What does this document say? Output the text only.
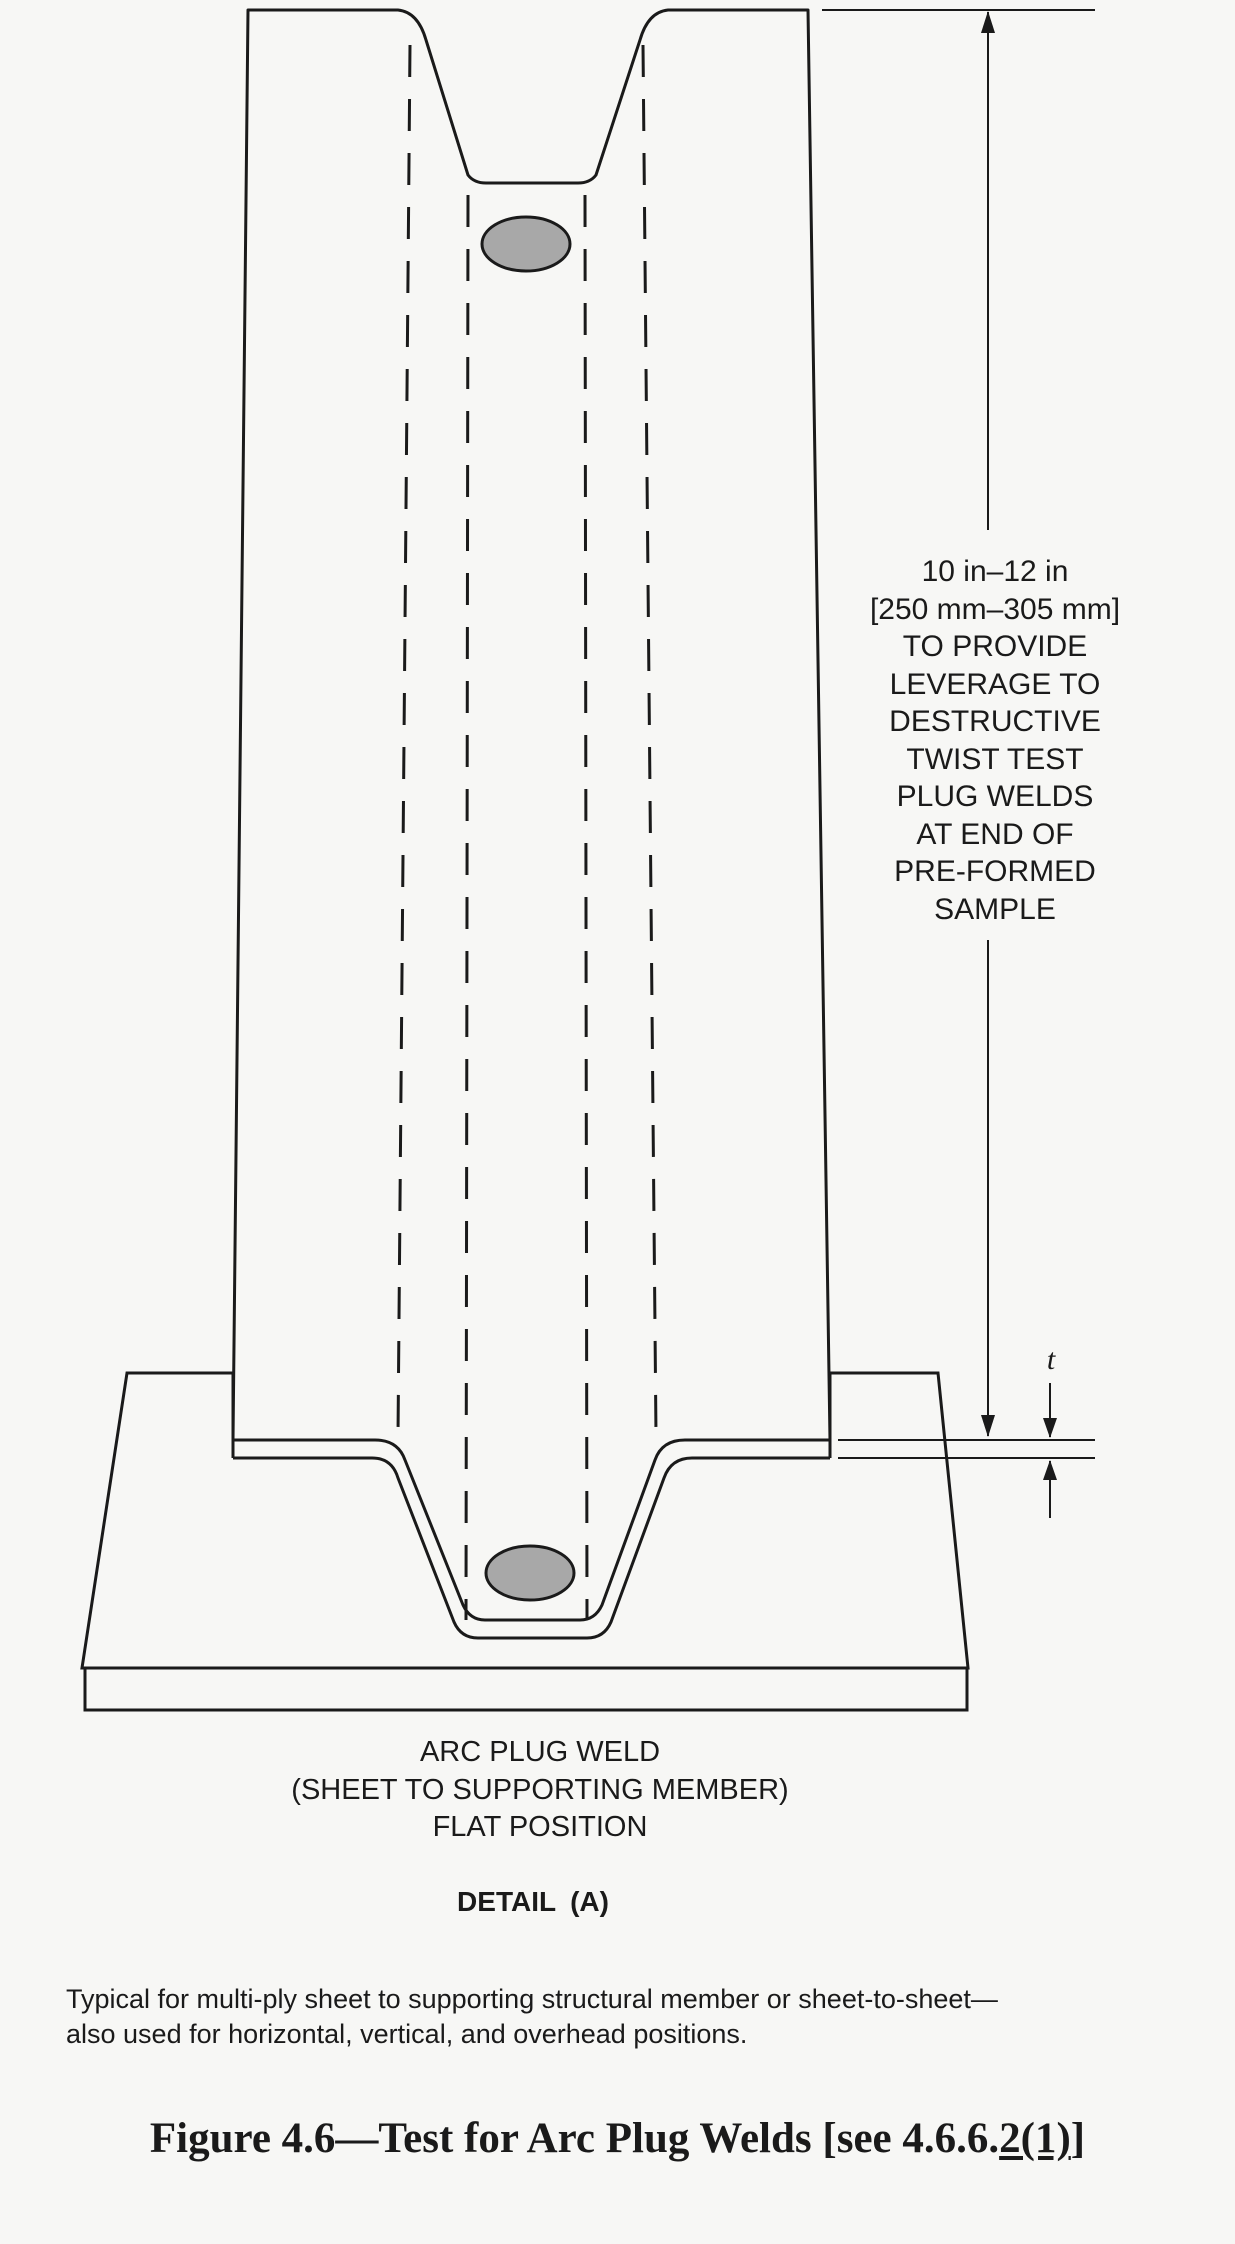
10 in–12 in
[250 mm–305 mm]
TO PROVIDE
LEVERAGE TO
DESTRUCTIVE
TWIST TEST
PLUG WELDS
AT END OF
PRE-FORMED
SAMPLE
t
ARC PLUG WELD
(SHEET TO SUPPORTING MEMBER)
FLAT POSITION
DETAIL (A)
Typical for multi-ply sheet to supporting structural member or sheet-to-sheet—
also used for horizontal, vertical, and overhead positions.
Figure 4.6—Test for Arc Plug Welds [see 4.6.6.2(1)]
